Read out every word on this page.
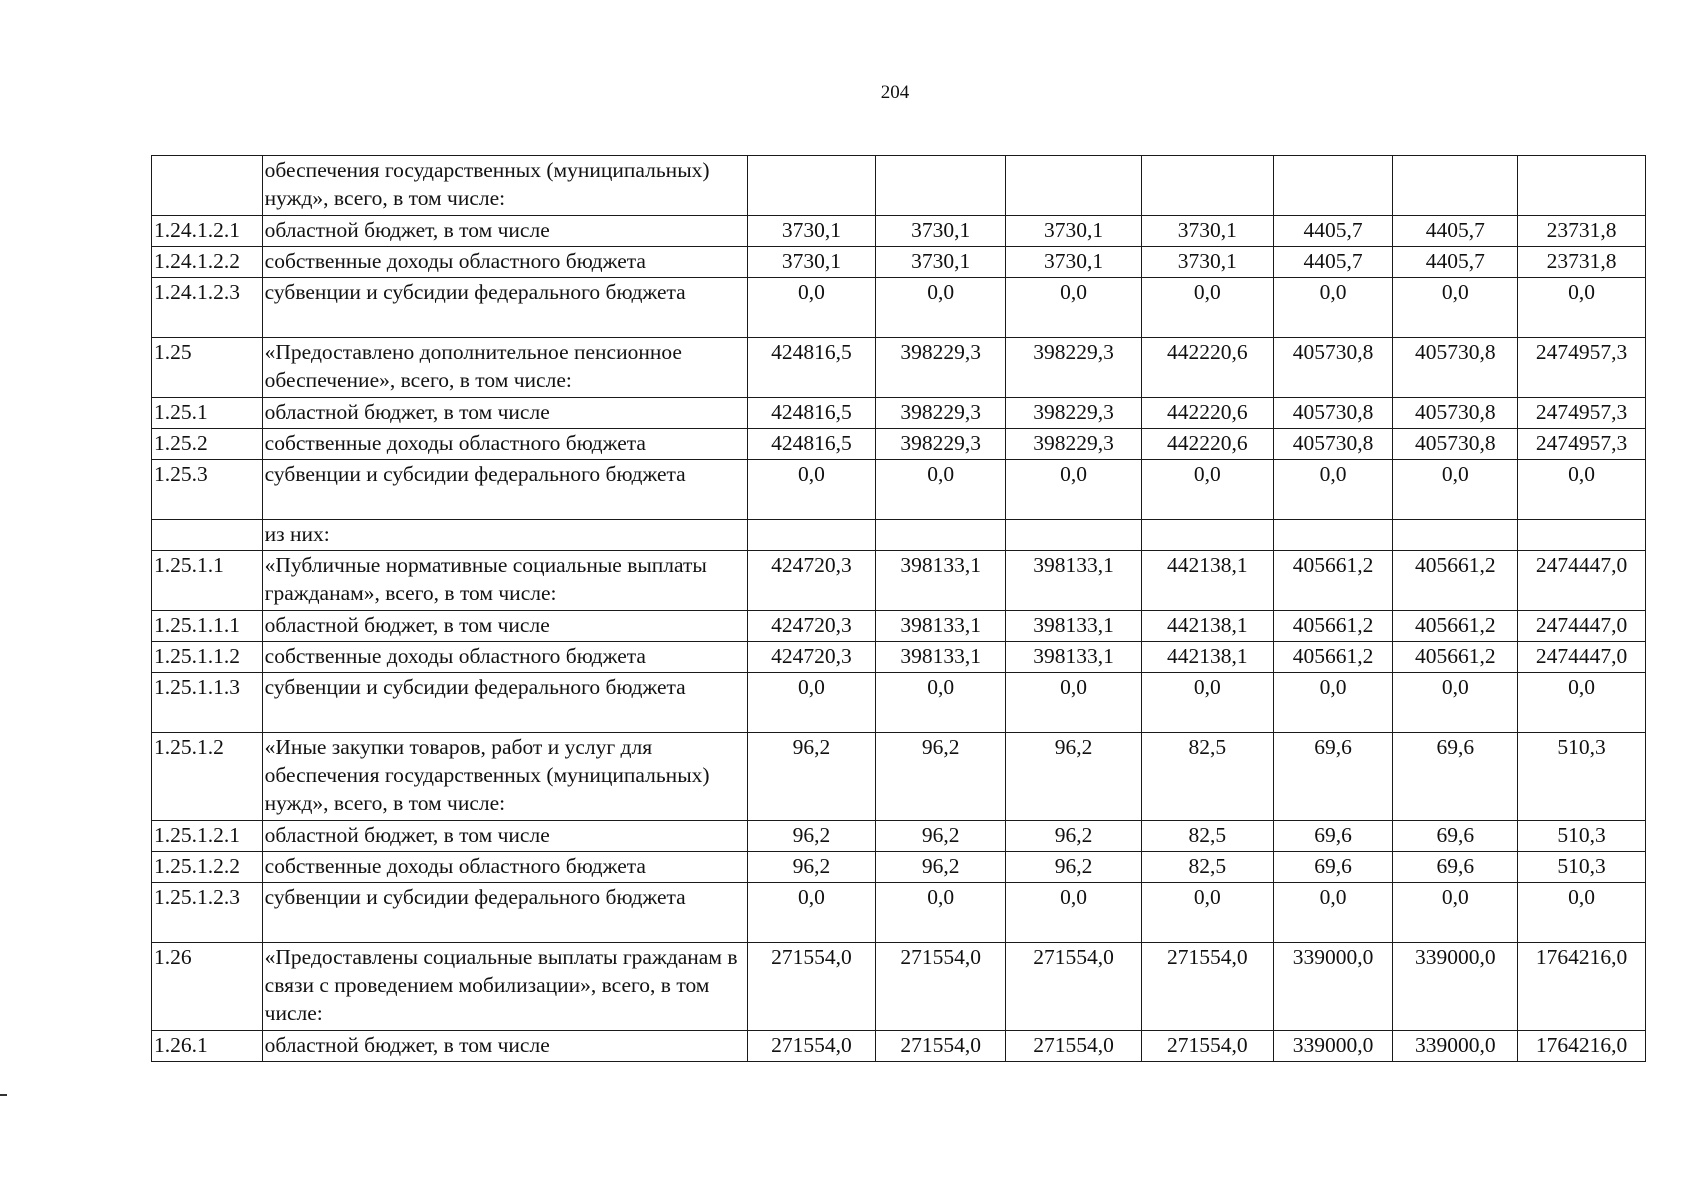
204
	обеспечения государственных (муниципальных) нужд», всего, в том числе:							
1.24.1.2.1	областной бюджет, в том числе	3730,1	3730,1	3730,1	3730,1	4405,7	4405,7	23731,8
1.24.1.2.2	собственные доходы областного бюджета	3730,1	3730,1	3730,1	3730,1	4405,7	4405,7	23731,8
1.24.1.2.3	субвенции и субсидии федерального бюджета	0,0	0,0	0,0	0,0	0,0	0,0	0,0
1.25	«Предоставлено дополнительное пенсионное обеспечение», всего, в том числе:	424816,5	398229,3	398229,3	442220,6	405730,8	405730,8	2474957,3
1.25.1	областной бюджет, в том числе	424816,5	398229,3	398229,3	442220,6	405730,8	405730,8	2474957,3
1.25.2	собственные доходы областного бюджета	424816,5	398229,3	398229,3	442220,6	405730,8	405730,8	2474957,3
1.25.3	субвенции и субсидии федерального бюджета	0,0	0,0	0,0	0,0	0,0	0,0	0,0
	из них:							
1.25.1.1	«Публичные нормативные социальные выплаты гражданам», всего, в том числе:	424720,3	398133,1	398133,1	442138,1	405661,2	405661,2	2474447,0
1.25.1.1.1	областной бюджет, в том числе	424720,3	398133,1	398133,1	442138,1	405661,2	405661,2	2474447,0
1.25.1.1.2	собственные доходы областного бюджета	424720,3	398133,1	398133,1	442138,1	405661,2	405661,2	2474447,0
1.25.1.1.3	субвенции и субсидии федерального бюджета	0,0	0,0	0,0	0,0	0,0	0,0	0,0
1.25.1.2	«Иные закупки товаров, работ и услуг для обеспечения государственных (муниципальных) нужд», всего, в том числе:	96,2	96,2	96,2	82,5	69,6	69,6	510,3
1.25.1.2.1	областной бюджет, в том числе	96,2	96,2	96,2	82,5	69,6	69,6	510,3
1.25.1.2.2	собственные доходы областного бюджета	96,2	96,2	96,2	82,5	69,6	69,6	510,3
1.25.1.2.3	субвенции и субсидии федерального бюджета	0,0	0,0	0,0	0,0	0,0	0,0	0,0
1.26	«Предоставлены социальные выплаты гражданам в связи с проведением мобилизации», всего, в том числе:	271554,0	271554,0	271554,0	271554,0	339000,0	339000,0	1764216,0
1.26.1	областной бюджет, в том числе	271554,0	271554,0	271554,0	271554,0	339000,0	339000,0	1764216,0
